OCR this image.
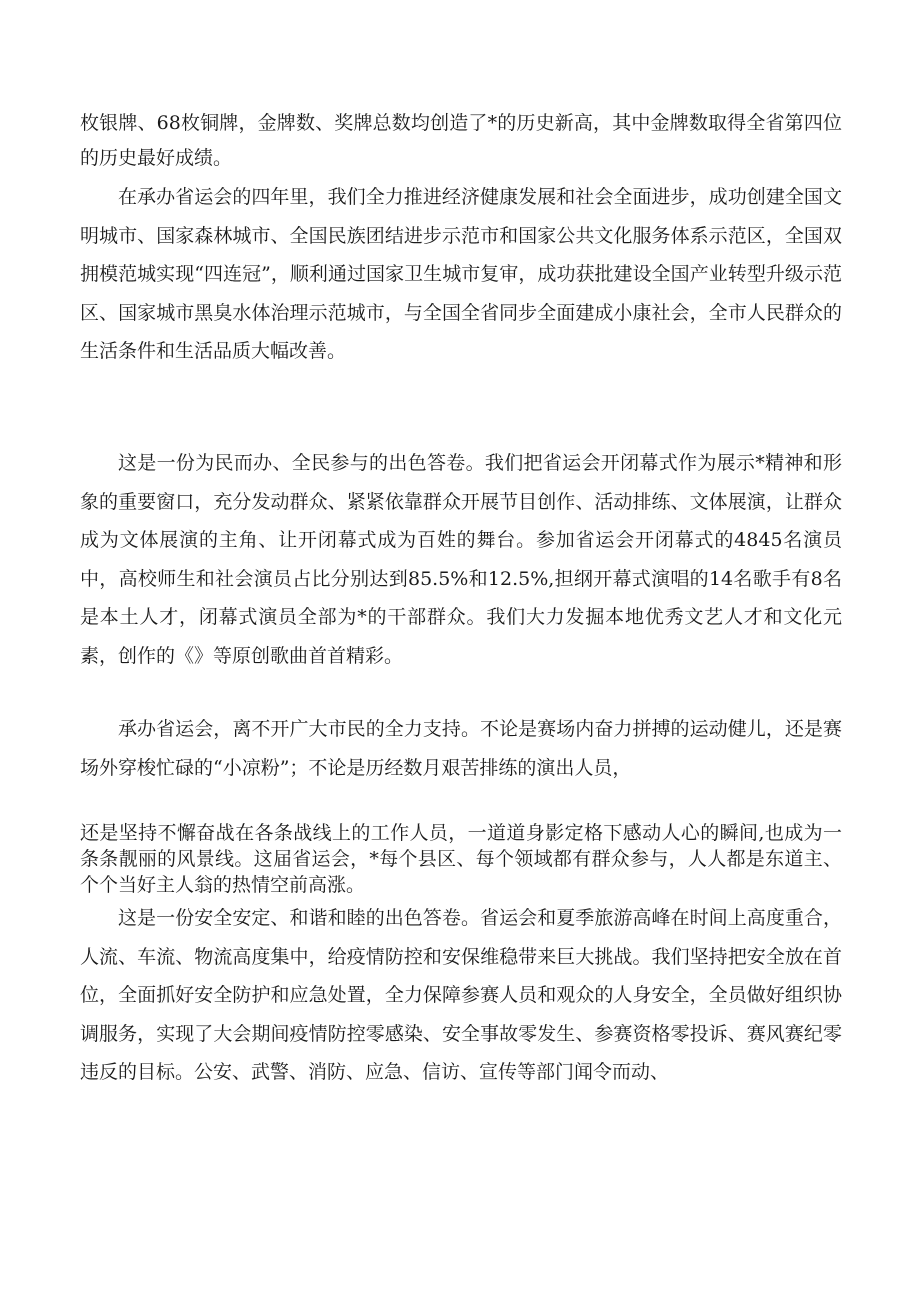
枚银牌、68枚铜牌，金牌数、奖牌总数均创造了*的历史新高，其中金牌数取得全省第四位的历史最好成绩。

在承办省运会的四年里，我们全力推进经济健康发展和社会全面进步，成功创建全国文明城市、国家森林城市、全国民族团结进步示范市和国家公共文化服务体系示范区，全国双拥模范城实现“四连冠”，顺利通过国家卫生城市复审，成功获批建设全国产业转型升级示范区、国家城市黑臭水体治理示范城市，与全国全省同步全面建成小康社会，全市人民群众的生活条件和生活品质大幅改善。

这是一份为民而办、全民参与的出色答卷。我们把省运会开闭幕式作为展示*精神和形象的重要窗口，充分发动群众、紧紧依靠群众开展节目创作、活动排练、文体展演，让群众成为文体展演的主角、让开闭幕式成为百姓的舞台。参加省运会开闭幕式的4845名演员中，高校师生和社会演员占比分别达到85.5%和12.5%,担纲开幕式演唱的14名歌手有8名是本土人才，闭幕式演员全部为*的干部群众。我们大力发掘本地优秀文艺人才和文化元素，创作的《》等原创歌曲首首精彩。

承办省运会，离不开广大市民的全力支持。不论是赛场内奋力拼搏的运动健儿，还是赛场外穿梭忙碌的“小凉粉”；不论是历经数月艰苦排练的演出人员，

还是坚持不懈奋战在各条战线上的工作人员，一道道身影定格下感动人心的瞬间,也成为一条条靓丽的风景线。这届省运会，*每个县区、每个领域都有群众参与，人人都是东道主、个个当好主人翁的热情空前高涨。

这是一份安全安定、和谐和睦的出色答卷。省运会和夏季旅游高峰在时间上高度重合，人流、车流、物流高度集中，给疫情防控和安保维稳带来巨大挑战。我们坚持把安全放在首位，全面抓好安全防护和应急处置，全力保障参赛人员和观众的人身安全，全员做好组织协调服务，实现了大会期间疫情防控零感染、安全事故零发生、参赛资格零投诉、赛风赛纪零违反的目标。公安、武警、消防、应急、信访、宣传等部门闻令而动、
